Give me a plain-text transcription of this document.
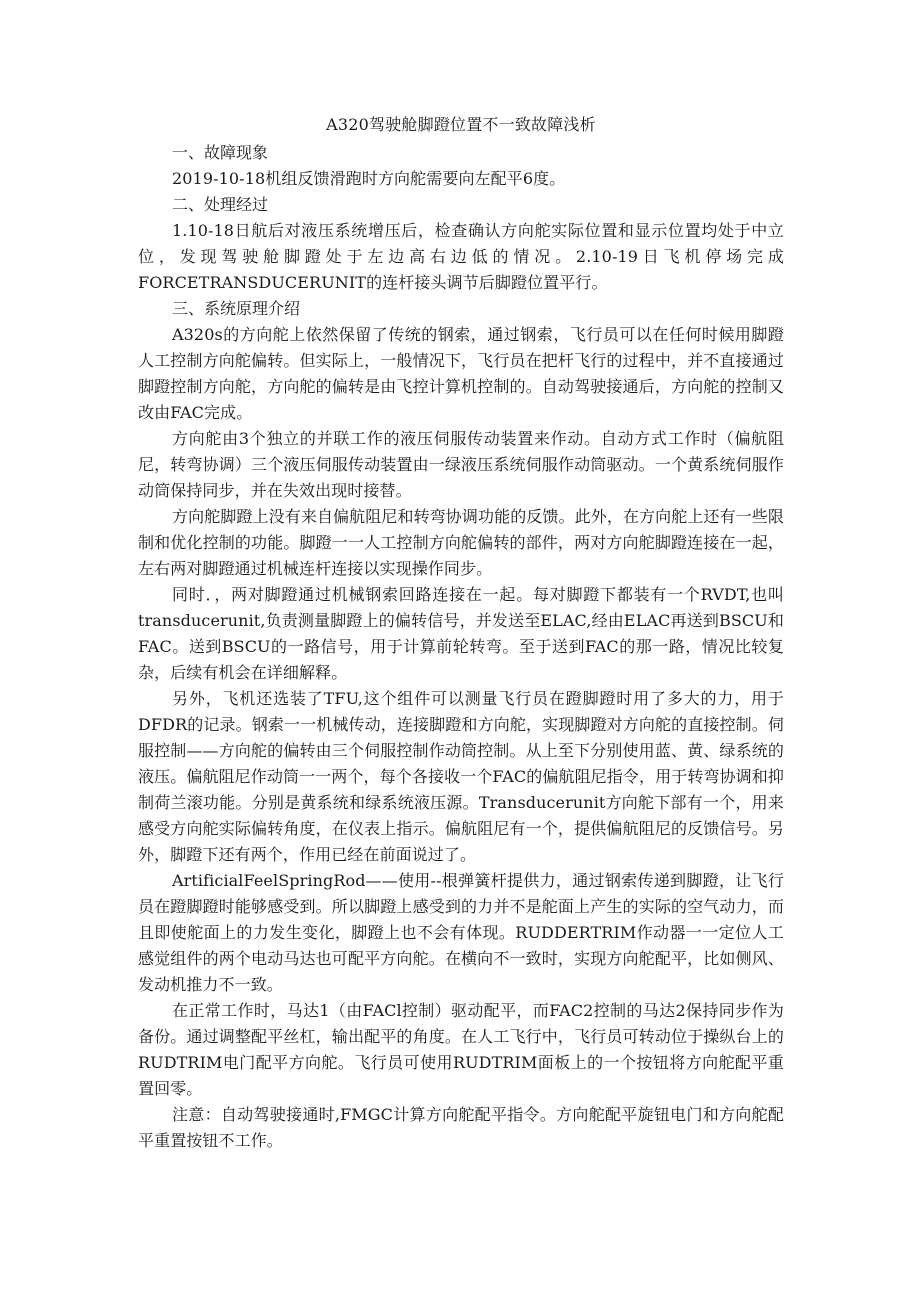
A320驾驶舱脚蹬位置不一致故障浅析
一、故障现象

2019-10-18机组反馈滑跑时方向舵需要向左配平6度。

二、处理经过

1.10-18日航后对液压系统增压后，检查确认方向舵实际位置和显示位置均处于中立位，发现驾驶舱脚蹬处于左边高右边低的情况。2.10-19日飞机停场完成FORCETRANSDUCERUNIT的连杆接头调节后脚蹬位置平行。

三、系统原理介绍

A320s的方向舵上依然保留了传统的钢索，通过钢索，飞行员可以在任何时候用脚蹬人工控制方向舵偏转。但实际上，一般情况下，飞行员在把杆飞行的过程中，并不直接通过脚蹬控制方向舵，方向舵的偏转是由飞控计算机控制的。自动驾驶接通后，方向舵的控制又改由FAC完成。

方向舵由3个独立的并联工作的液压伺服传动装置来作动。自动方式工作时（偏航阻尼，转弯协调）三个液压伺服传动装置由一绿液压系统伺服作动筒驱动。一个黄系统伺服作动筒保持同步，并在失效出现时接替。

方向舵脚蹬上没有来自偏航阻尼和转弯协调功能的反馈。此外，在方向舵上还有一些限制和优化控制的功能。脚蹬一一人工控制方向舵偏转的部件，两对方向舵脚蹬连接在一起，左右两对脚蹬通过机械连杆连接以实现操作同步。

同时．，两对脚蹬通过机械钢索回路连接在一起。每对脚蹬下都装有一个RVDT,也叫transducerunit,负责测量脚蹬上的偏转信号，并发送至ELAC,经由ELAC再送到BSCU和FAC。送到BSCU的一路信号，用于计算前轮转弯。至于送到FAC的那一路，情况比较复杂，后续有机会在详细解释。

另外，飞机还选装了TFU,这个组件可以测量飞行员在蹬脚蹬时用了多大的力，用于DFDR的记录。钢索一一机械传动，连接脚蹬和方向舵，实现脚蹬对方向舵的直接控制。伺服控制——方向舵的偏转由三个伺服控制作动筒控制。从上至下分别使用蓝、黄、绿系统的液压。偏航阻尼作动筒一一两个，每个各接收一个FAC的偏航阻尼指令，用于转弯协调和抑制荷兰滚功能。分别是黄系统和绿系统液压源。Transducerunit方向舵下部有一个，用来感受方向舵实际偏转角度，在仪表上指示。偏航阻尼有一个，提供偏航阻尼的反馈信号。另外，脚蹬下还有两个，作用已经在前面说过了。

ArtificialFeelSpringRod——使用--根弹簧杆提供力，通过钢索传递到脚蹬，让飞行员在蹬脚蹬时能够感受到。所以脚蹬上感受到的力并不是舵面上产生的实际的空气动力，而且即使舵面上的力发生变化，脚蹬上也不会有体现。RUDDERTRIM作动器一一定位人工感觉组件的两个电动马达也可配平方向舵。在横向不一致时，实现方向舵配平，比如侧风、发动机推力不一致。

在正常工作时，马达1（由FACl控制）驱动配平，而FAC2控制的马达2保持同步作为备份。通过调整配平丝杠，输出配平的角度。在人工飞行中，飞行员可转动位于操纵台上的RUDTRIM电门配平方向舵。飞行员可使用RUDTRIM面板上的一个按钮将方向舵配平重置回零。

注意：自动驾驶接通时,FMGC计算方向舵配平指令。方向舵配平旋钮电门和方向舵配平重置按钮不工作。
